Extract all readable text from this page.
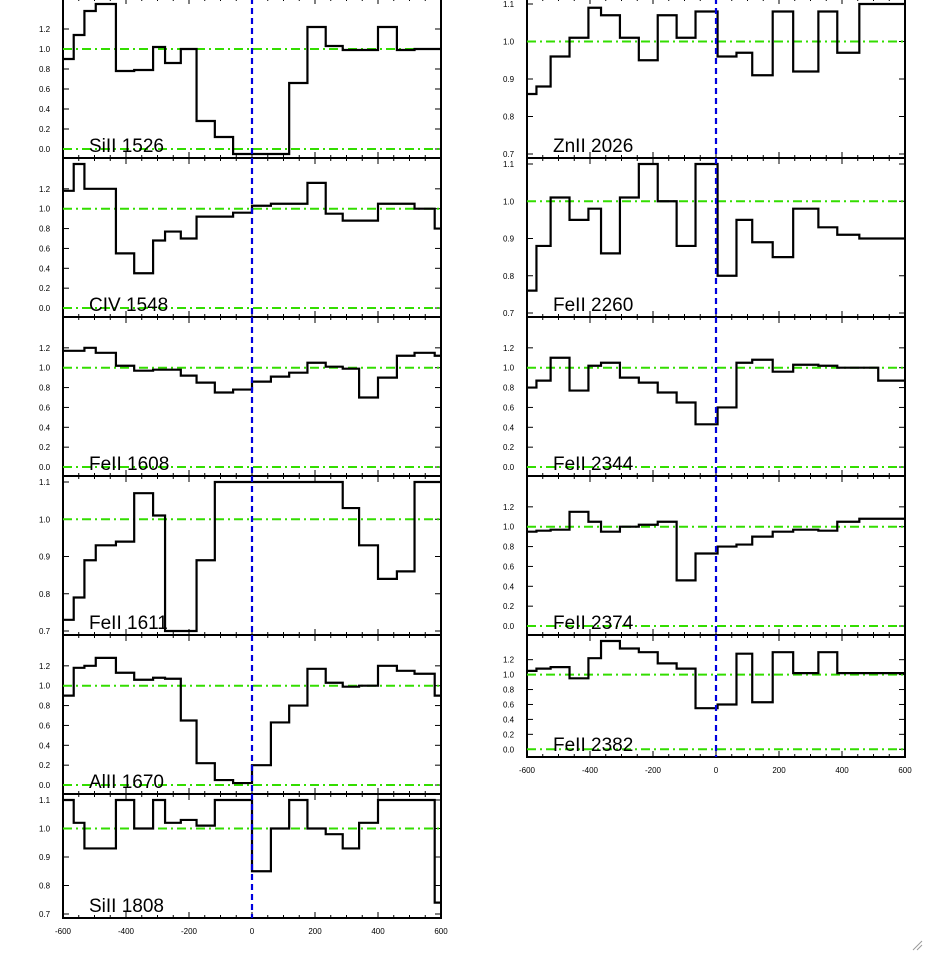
0.0
0.2
0.4
0.6
0.8
1.0
1.2
SiII 1526
0.0
0.2
0.4
0.6
0.8
1.0
1.2
CIV 1548
0.0
0.2
0.4
0.6
0.8
1.0
1.2
FeII 1608
0.7
0.8
0.9
1.0
1.1
FeII 1611
0.0
0.2
0.4
0.6
0.8
1.0
1.2
AlII 1670
0.7
0.8
0.9
1.0
1.1
SiII 1808
-600	-400	-200	0	200	400	600
0.7
0.8
0.9
1.0
1.1
ZnII 2026
0.7
0.8
0.9
1.0
1.1
FeII 2260
0.0
0.2
0.4
0.6
0.8
1.0
1.2
FeII 2344
0.0
0.2
0.4
0.6
0.8
1.0
1.2
FeII 2374
0.0
0.2
0.4
0.6
0.8
1.0
1.2
FeII 2382
-600	-400	-200	0	200	400	600
